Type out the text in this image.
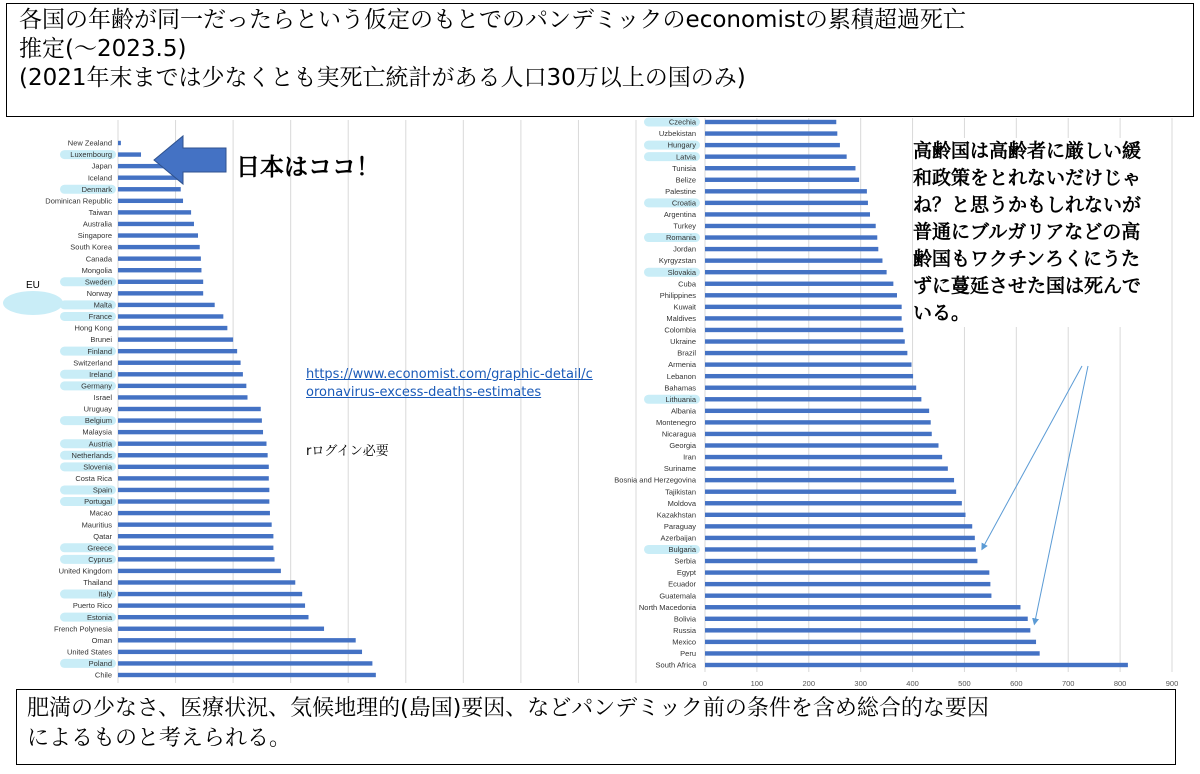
New Zealand
Luxembourg
Japan
Iceland
Denmark
Dominican Republic
Taiwan
Australia
Singapore
South Korea
Canada
Mongolia
Sweden
Norway
Malta
France
Hong Kong
Brunei
Finland
Switzerland
Ireland
Germany
Israel
Uruguay
Belgium
Malaysia
Austria
Netherlands
Slovenia
Costa Rica
Spain
Portugal
Macao
Mauritius
Qatar
Greece
Cyprus
United Kingdom
Thailand
Italy
Puerto Rico
Estonia
French Polynesia
Oman
United States
Poland
Chile
0	100	200	300	400	500	600	700	800	900
Czechia
Uzbekistan
Hungary
Latvia
Tunisia
Belize
Palestine
Croatia
Argentina
Turkey
Romania
Jordan
Kyrgyzstan
Slovakia
Cuba
Philippines
Kuwait
Maldives
Colombia
Ukraine
Brazil
Armenia
Lebanon
Bahamas
Lithuania
Albania
Montenegro
Nicaragua
Georgia
Iran
Suriname
Bosnia and Herzegovina
Tajikistan
Moldova
Kazakhstan
Paraguay
Azerbaijan
Bulgaria
Serbia
Egypt
Ecuador
Guatemala
North Macedonia
Bolivia
Russia
Mexico
Peru
South Africa
各国の年齢が同一だったらという仮定のもとでのパンデミックのeconomistの累積超過死亡
推定(～2023.5)
(2021年末までは少なくとも実死亡統計がある人口30万以上の国のみ)
日本はココ！
EU
https://www.economist.com/graphic-detail/coronavirus-excess-deaths-estimates
rログイン必要
高齢国は高齢者に厳しい緩和政策をとれないだけじゃね？と思うかもしれないが普通にブルガリアなどの高齢国もワクチンろくにうたずに蔓延させた国は死んでいる。
肥満の少なさ、医療状況、気候地理的(島国)要因、などパンデミック前の条件を含め総合的な要因
によるものと考えられる。
